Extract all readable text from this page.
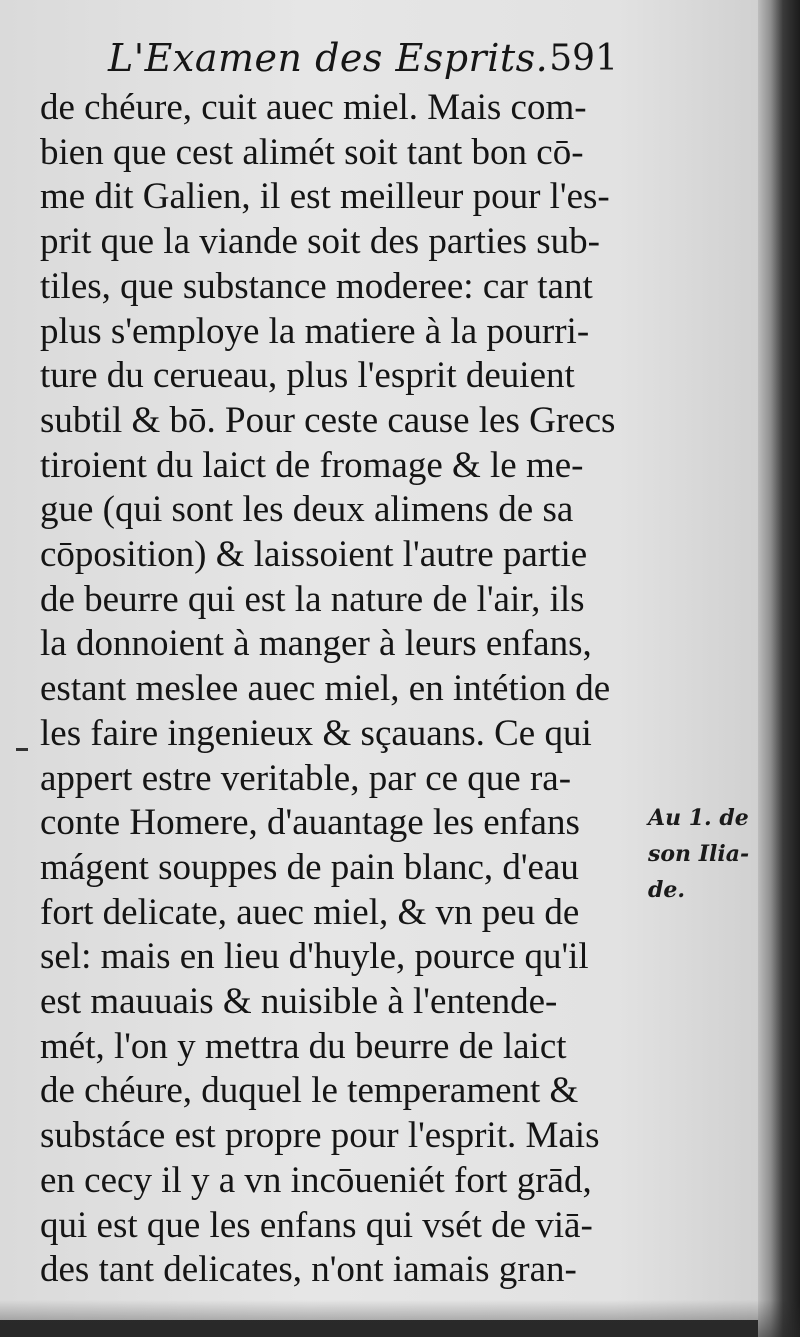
L'Examen des Esprits. 591
de chéure, cuit auec miel. Mais com-
bien que cest alimét soit tant bon cō-
me dit Galien, il est meilleur pour l'es-
prit que la viande soit des parties sub-
tiles, que substance moderee: car tant
plus s'employe la matiere à la pourri-
ture du cerueau, plus l'esprit deuient
subtil & bō. Pour ceste cause les Grecs
tiroient du laict de fromage & le me-
gue (qui sont les deux alimens de sa
cōposition) & laissoient l'autre partie
de beurre qui est la nature de l'air, ils
la donnoient à manger à leurs enfans,
estant meslee auec miel, en intétion de
les faire ingenieux & sçauans. Ce qui
appert estre veritable, par ce que ra-
conte Homere, d'auantage les enfans
mágent souppes de pain blanc, d'eau
fort delicate, auec miel, & vn peu de
sel: mais en lieu d'huyle, pource qu'il
est mauuais & nuisible à l'entende-
mét, l'on y mettra du beurre de laict
de chéure, duquel le temperament &
substáce est propre pour l'esprit. Mais
en cecy il y a vn incōueniét fort grād,
qui est que les enfans qui vsét de viā-
des tant delicates, n'ont iamais gran-
Au 1. de
son Iliа-
de.
